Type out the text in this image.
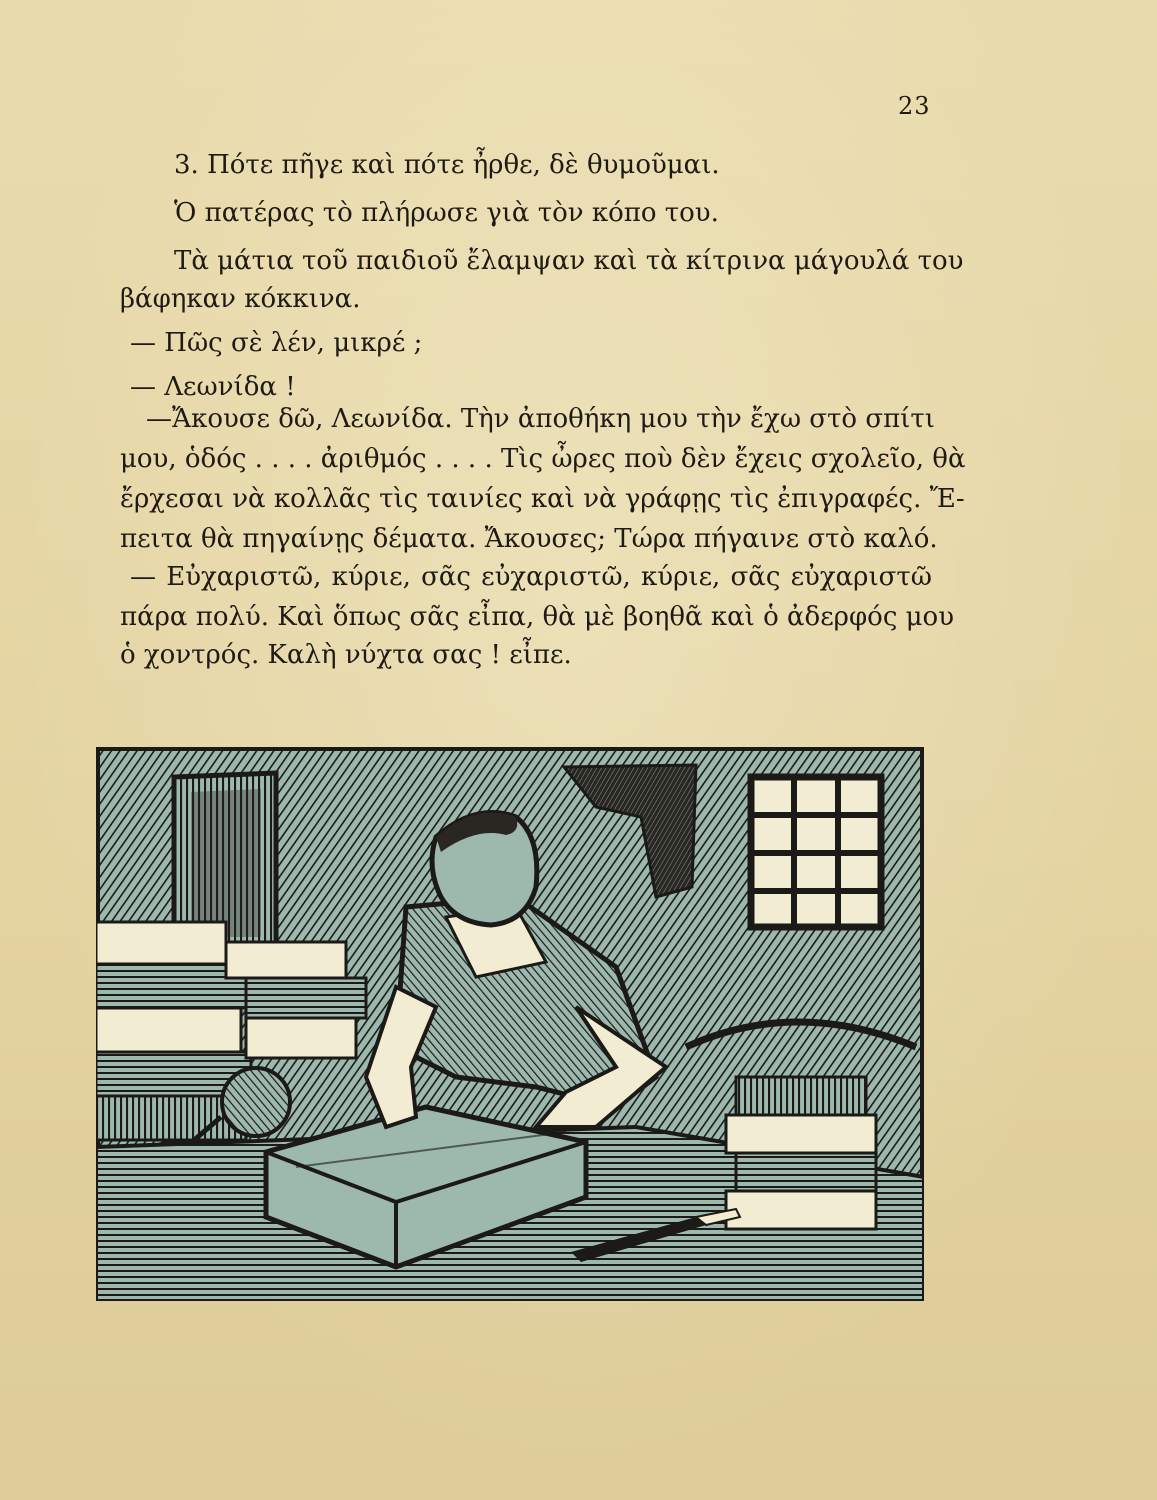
23
3. Πότε πῆγε καὶ πότε ἦρθε, δὲ θυμοῦμαι.
Ὁ πατέρας τὸ πλήρωσε γιὰ τὸν κόπο του.
Τὰ μάτια τοῦ παιδιοῦ ἔλαμψαν καὶ τὰ κίτρινα μάγουλά του
βάφηκαν κόκκινα.
— Πῶς σὲ λέν, μικρέ ;
— Λεωνίδα !
—Ἄκουσε δῶ, Λεωνίδα. Τὴν ἀποθήκη μου τὴν ἔχω στὸ σπίτι
μου, ὁδός . . . . ἀριθμός . . . . Τὶς ὦρες ποὺ δὲν ἔχεις σχολεῖο, θὰ
ἔρχεσαι νὰ κολλᾶς τὶς ταινίες καὶ νὰ γράφῃς τὶς ἐπιγραφές. Ἔ-
πειτα θὰ πηγαίνῃς δέματα. Ἄκουσες; Τώρα πήγαινε στὸ καλό.
— Εὐχαριστῶ, κύριε, σᾶς εὐχαριστῶ, κύριε, σᾶς εὐχαριστῶ
πάρα πολύ. Καὶ ὅπως σᾶς εἶπα, θὰ μὲ βοηθᾶ καὶ ὁ ἀδερφός μου
ὁ χοντρός. Καλὴ νύχτα σας ! εἶπε.
